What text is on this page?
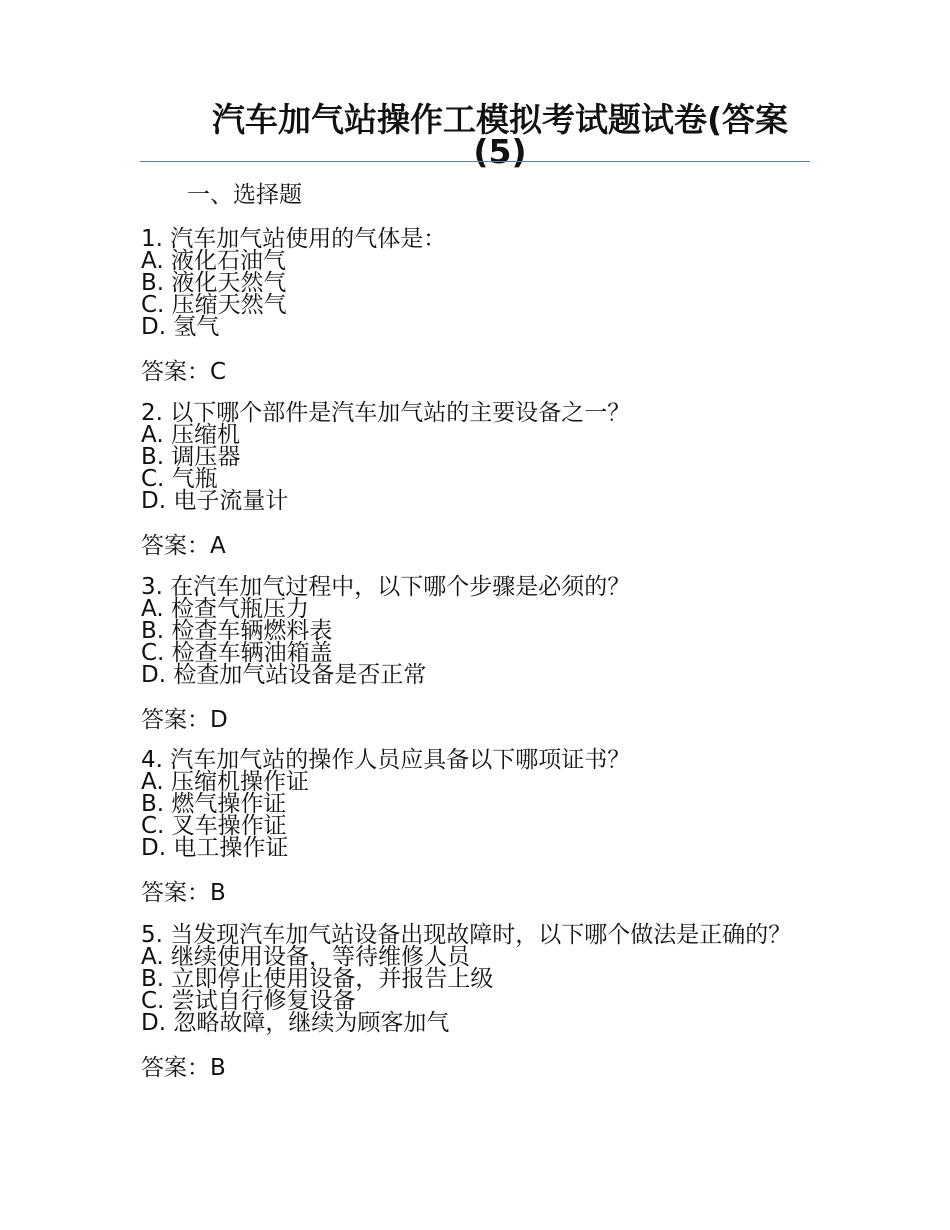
汽车加气站操作工模拟考试题试卷(答案(5)

一、选择题

1. 汽车加气站使用的气体是：

A. 液化石油气

B. 液化天然气

C. 压缩天然气

D. 氢气

答案：C

2. 以下哪个部件是汽车加气站的主要设备之一？

A. 压缩机

B. 调压器

C. 气瓶

D. 电子流量计

答案：A

3. 在汽车加气过程中，以下哪个步骤是必须的？

A. 检查气瓶压力

B. 检查车辆燃料表

C. 检查车辆油箱盖

D. 检查加气站设备是否正常

答案：D

4. 汽车加气站的操作人员应具备以下哪项证书？

A. 压缩机操作证

B. 燃气操作证

C. 叉车操作证

D. 电工操作证

答案：B

5. 当发现汽车加气站设备出现故障时，以下哪个做法是正确的？

A. 继续使用设备，等待维修人员

B. 立即停止使用设备，并报告上级

C. 尝试自行修复设备

D. 忽略故障，继续为顾客加气

答案：B
